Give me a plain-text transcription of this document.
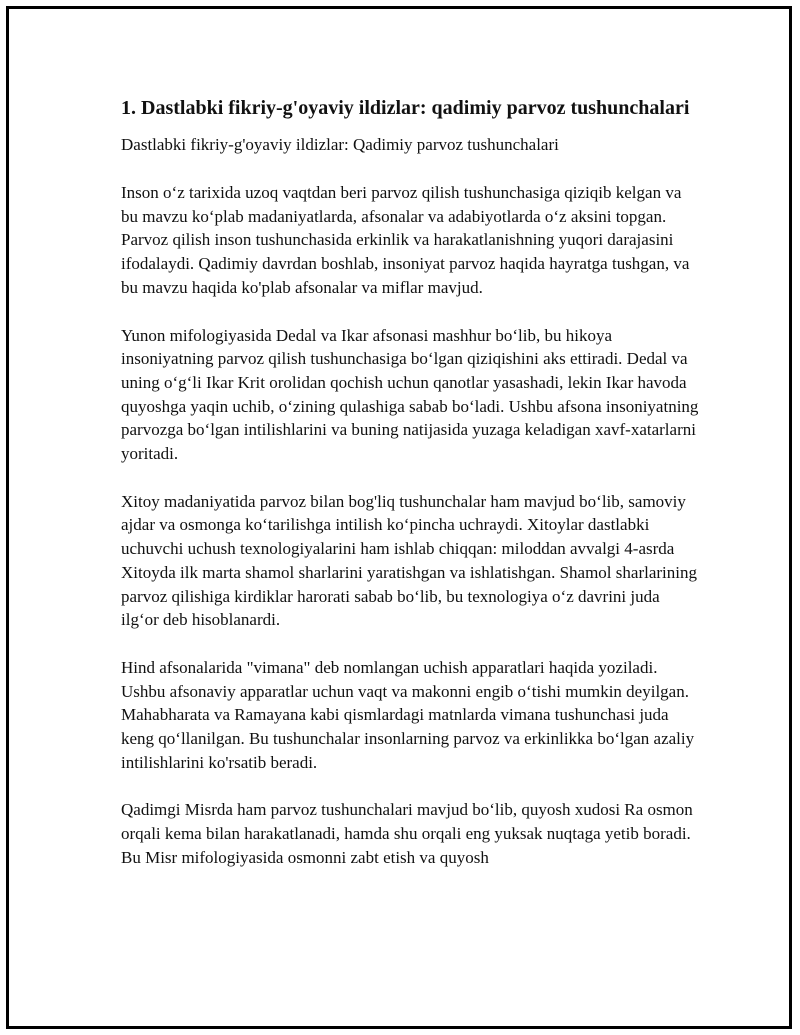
1. Dastlabki fikriy-g'oyaviy ildizlar: qadimiy parvoz tushunchalari
Dastlabki fikriy-g'oyaviy ildizlar: Qadimiy parvoz tushunchalari

Inson o‘z tarixida uzoq vaqtdan beri parvoz qilish tushunchasiga qiziqib kelgan va bu mavzu ko‘plab madaniyatlarda, afsonalar va adabiyotlarda o‘z aksini topgan. Parvoz qilish inson tushunchasida erkinlik va harakatlanishning yuqori darajasini ifodalaydi. Qadimiy davrdan boshlab, insoniyat parvoz haqida hayratga tushgan, va bu mavzu haqida ko'plab afsonalar va miflar mavjud.

Yunon mifologiyasida Dedal va Ikar afsonasi mashhur bo‘lib, bu hikoya insoniyatning parvoz qilish tushunchasiga bo‘lgan qiziqishini aks ettiradi. Dedal va uning o‘g‘li Ikar Krit orolidan qochish uchun qanotlar yasashadi, lekin Ikar havoda quyoshga yaqin uchib, o‘zining qulashiga sabab bo‘ladi. Ushbu afsona insoniyatning parvozga bo‘lgan intilishlarini va buning natijasida yuzaga keladigan xavf-xatarlarni yoritadi.

Xitoy madaniyatida parvoz bilan bog'liq tushunchalar ham mavjud bo‘lib, samoviy ajdar va osmonga ko‘tarilishga intilish ko‘pincha uchraydi. Xitoylar dastlabki uchuvchi uchush texnologiyalarini ham ishlab chiqqan: miloddan avvalgi 4-asrda Xitoyda ilk marta shamol sharlarini yaratishgan va ishlatishgan. Shamol sharlarining parvoz qilishiga kirdiklar harorati sabab bo‘lib, bu texnologiya o‘z davrini juda ilg‘or deb hisoblanardi.

Hind afsonalarida "vimana" deb nomlangan uchish apparatlari haqida yoziladi. Ushbu afsonaviy apparatlar uchun vaqt va makonni engib o‘tishi mumkin deyilgan. Mahabharata va Ramayana kabi qismlardagi matnlarda vimana tushunchasi juda keng qo‘llanilgan. Bu tushunchalar insonlarning parvoz va erkinlikka bo‘lgan azaliy intilishlarini ko'rsatib beradi.

Qadimgi Misrda ham parvoz tushunchalari mavjud bo‘lib, quyosh xudosi Ra osmon orqali kema bilan harakatlanadi, hamda shu orqali eng yuksak nuqtaga yetib boradi. Bu Misr mifologiyasida osmonni zabt etish va quyosh
